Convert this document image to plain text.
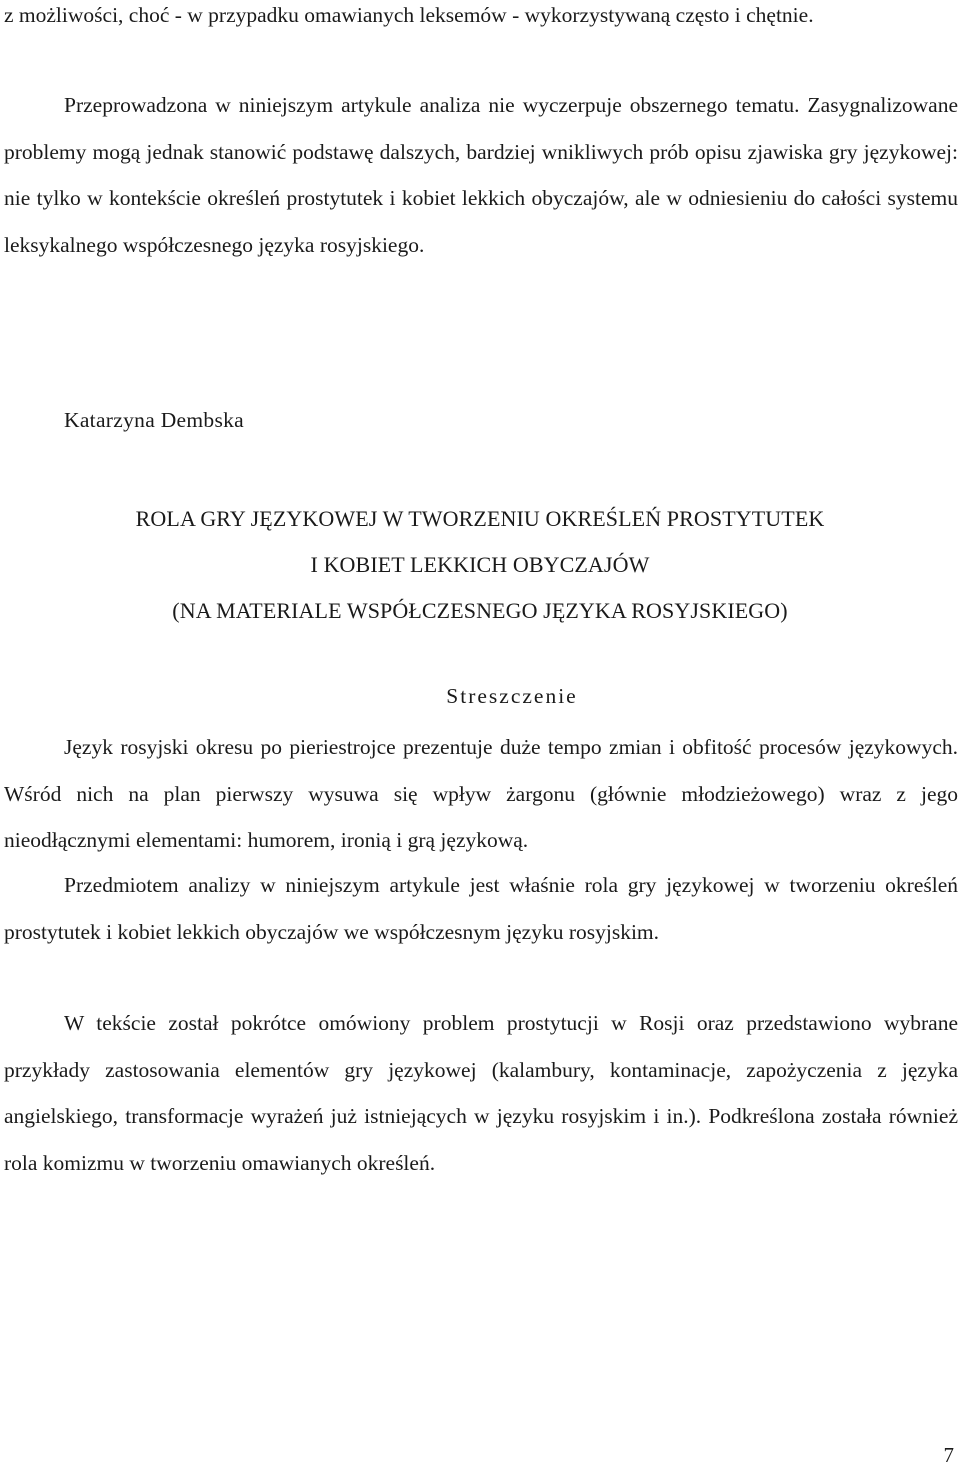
z możliwości, choć - w przypadku omawianych leksemów - wykorzystywaną często i chętnie.

Przeprowadzona w niniejszym artykule analiza nie wyczerpuje obszernego tematu. Zasygnalizowane problemy mogą jednak stanowić podstawę dalszych, bardziej wnikliwych prób opisu zjawiska gry językowej: nie tylko w kontekście określeń prostytutek i kobiet lekkich obyczajów, ale w odniesieniu do całości systemu leksykalnego współczesnego języka rosyjskiego.

Katarzyna Dembska

ROLA GRY JĘZYKOWEJ W TWORZENIU OKREŚLEŃ PROSTYTUTEK
I KOBIET LEKKICH OBYCZAJÓW
(NA MATERIALE WSPÓŁCZESNEGO JĘZYKA ROSYJSKIEGO)
Streszczenie

Język rosyjski okresu po pieriestrojce prezentuje duże tempo zmian i obfitość procesów językowych. Wśród nich na plan pierwszy wysuwa się wpływ żargonu (głównie młodzieżowego) wraz z jego nieodłącznymi elementami: humorem, ironią i grą językową.

Przedmiotem analizy w niniejszym artykule jest właśnie rola gry językowej w tworzeniu określeń prostytutek i kobiet lekkich obyczajów we współczesnym języku rosyjskim.

W tekście został pokrótce omówiony problem prostytucji w Rosji oraz przedstawiono wybrane przykłady zastosowania elementów gry językowej (kalambury, kontaminacje, zapożyczenia z języka angielskiego, transformacje wyrażeń już istniejących w języku rosyjskim i in.). Podkreślona została również rola komizmu w tworzeniu omawianych określeń.

7
